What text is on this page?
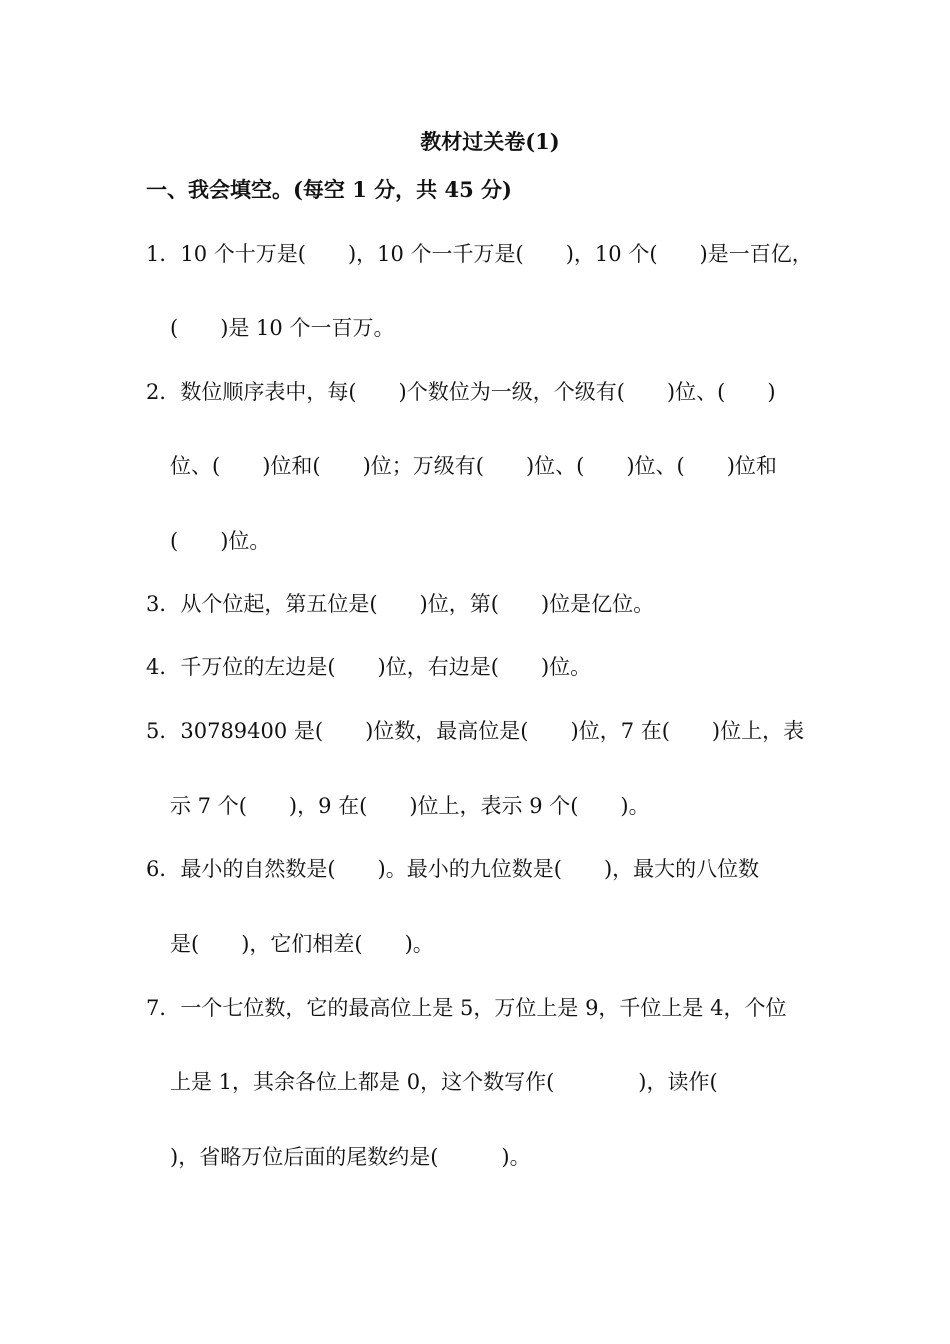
教材过关卷(1)
一、我会填空。(每空 1 分，共 45 分)
1．10 个十万是(　　)，10 个一千万是(　　)，10 个(　　)是一百亿，
(　　)是 10 个一百万。
2．数位顺序表中，每(　　)个数位为一级，个级有(　　)位、(　　)
位、(　　)位和(　　)位；万级有(　　)位、(　　)位、(　　)位和
(　　)位。
3．从个位起，第五位是(　　)位，第(　　)位是亿位。
4．千万位的左边是(　　)位，右边是(　　)位。
5．30789400 是(　　)位数，最高位是(　　)位，7 在(　　)位上，表
示 7 个(　　)，9 在(　　)位上，表示 9 个(　　)。
6．最小的自然数是(　　)。最小的九位数是(　　)，最大的八位数
是(　　)，它们相差(　　)。
7．一个七位数，它的最高位上是 5，万位上是 9，千位上是 4，个位
上是 1，其余各位上都是 0，这个数写作(　　　　)，读作(
)，省略万位后面的尾数约是(　　　)。
